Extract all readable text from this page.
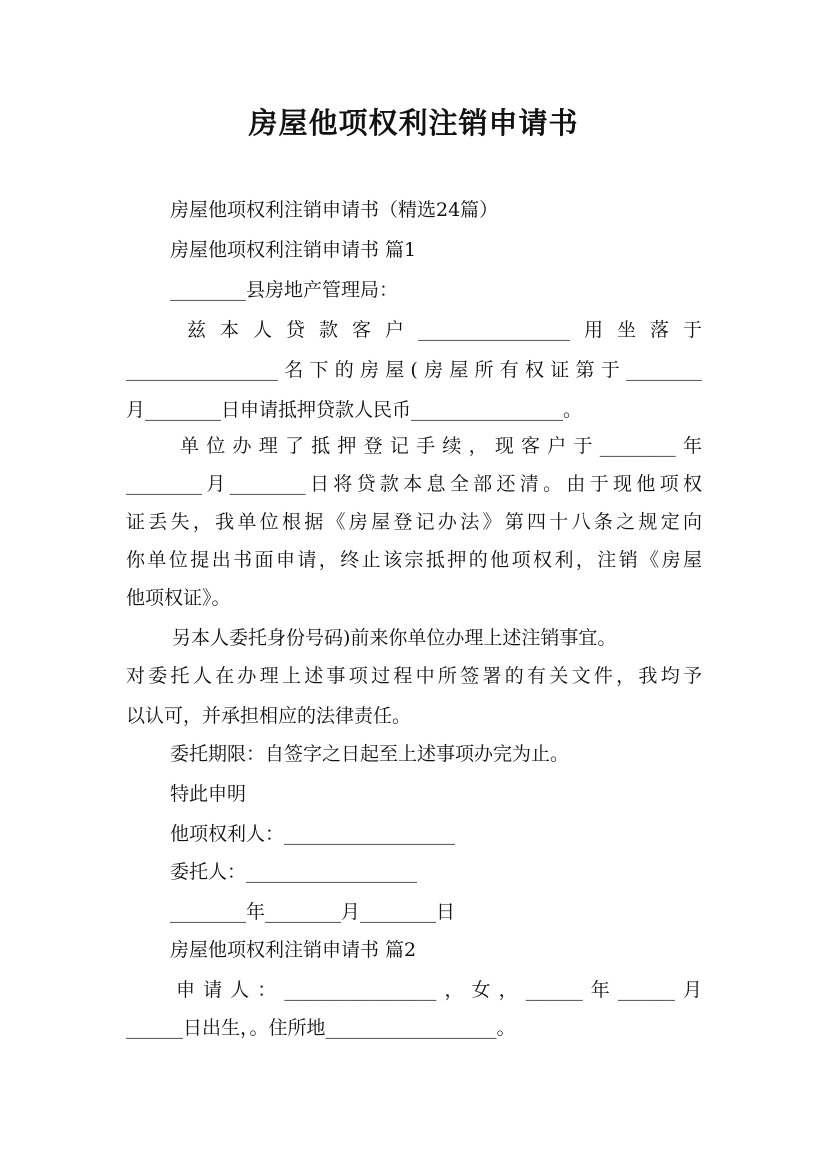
房屋他项权利注销申请书
房屋他项权利注销申请书（精选24篇）
房屋他项权利注销申请书 篇1
________县房地产管理局：
兹本人贷款客户________________用坐落于
________________名下的房屋(房屋所有权证第于________
月________日申请抵押贷款人民币________________。
单位办理了抵押登记手续，现客户于________年
________月________日将贷款本息全部还清。由于现他项权
证丢失，我单位根据《房屋登记办法》第四十八条之规定向
你单位提出书面申请，终止该宗抵押的他项权利，注销《房屋
他项权证》。
另本人委托身份号码)前来你单位办理上述注销事宜。
对委托人在办理上述事项过程中所签署的有关文件，我均予
以认可，并承担相应的法律责任。
委托期限：自签字之日起至上述事项办完为止。
特此申明
他项权利人：__________________
委托人：__________________
________年________月________日
房屋他项权利注销申请书 篇2
申请人：________________，女，______年______月
______日出生，。住所地__________________。
